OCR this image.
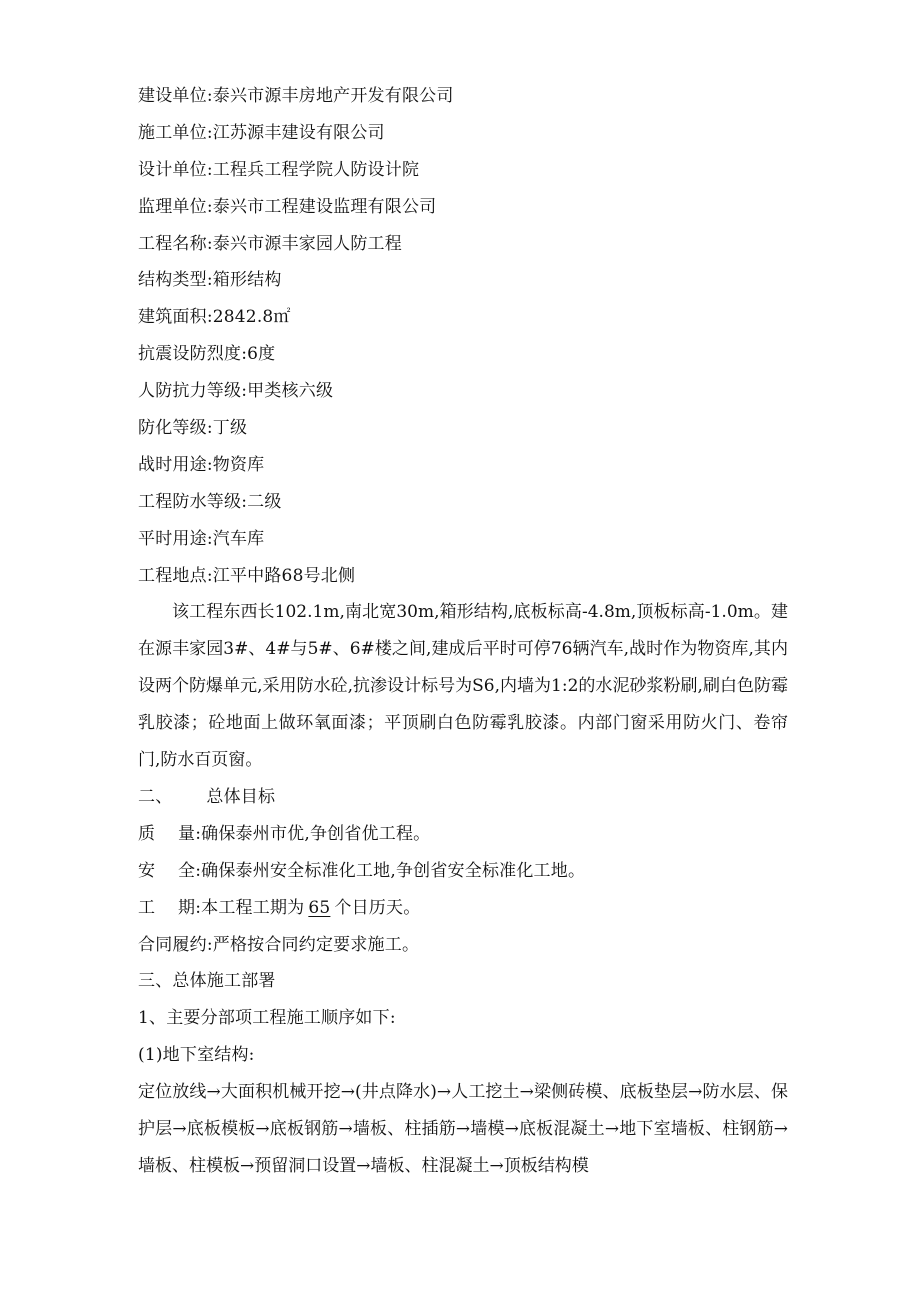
建设单位:泰兴市源丰房地产开发有限公司
施工单位:江苏源丰建设有限公司
设计单位:工程兵工程学院人防设计院
监理单位:泰兴市工程建设监理有限公司
工程名称:泰兴市源丰家园人防工程
结构类型:箱形结构
建筑面积:2842.8㎡
抗震设防烈度:6度
人防抗力等级:甲类核六级
防化等级:丁级
战时用途:物资库
工程防水等级:二级
平时用途:汽车库
工程地点:江平中路68号北侧

该工程东西长102.1m,南北宽30m,箱形结构,底板标高-4.8m,顶板标高-1.0m。建在源丰家园3#、4#与5#、6#楼之间,建成后平时可停76辆汽车,战时作为物资库,其内设两个防爆单元,采用防水砼,抗渗设计标号为S6,内墙为1:2的水泥砂浆粉刷,刷白色防霉乳胶漆；砼地面上做环氧面漆；平顶刷白色防霉乳胶漆。内部门窗采用防火门、卷帘门,防水百页窗。

二、 总体目标
质　 量:确保泰州市优,争创省优工程。
安　 全:确保泰州安全标准化工地,争创省安全标准化工地。
工　 期:本工程工期为 65 个日历天。
合同履约:严格按合同约定要求施工。
三、总体施工部署
1、主要分部项工程施工顺序如下:
(1)地下室结构:

定位放线→大面积机械开挖→(井点降水)→人工挖土→梁侧砖模、底板垫层→防水层、保护层→底板模板→底板钢筋→墙板、柱插筋→墙模→底板混凝土→地下室墙板、柱钢筋→墙板、柱模板→预留洞口设置→墙板、柱混凝土→顶板结构模
